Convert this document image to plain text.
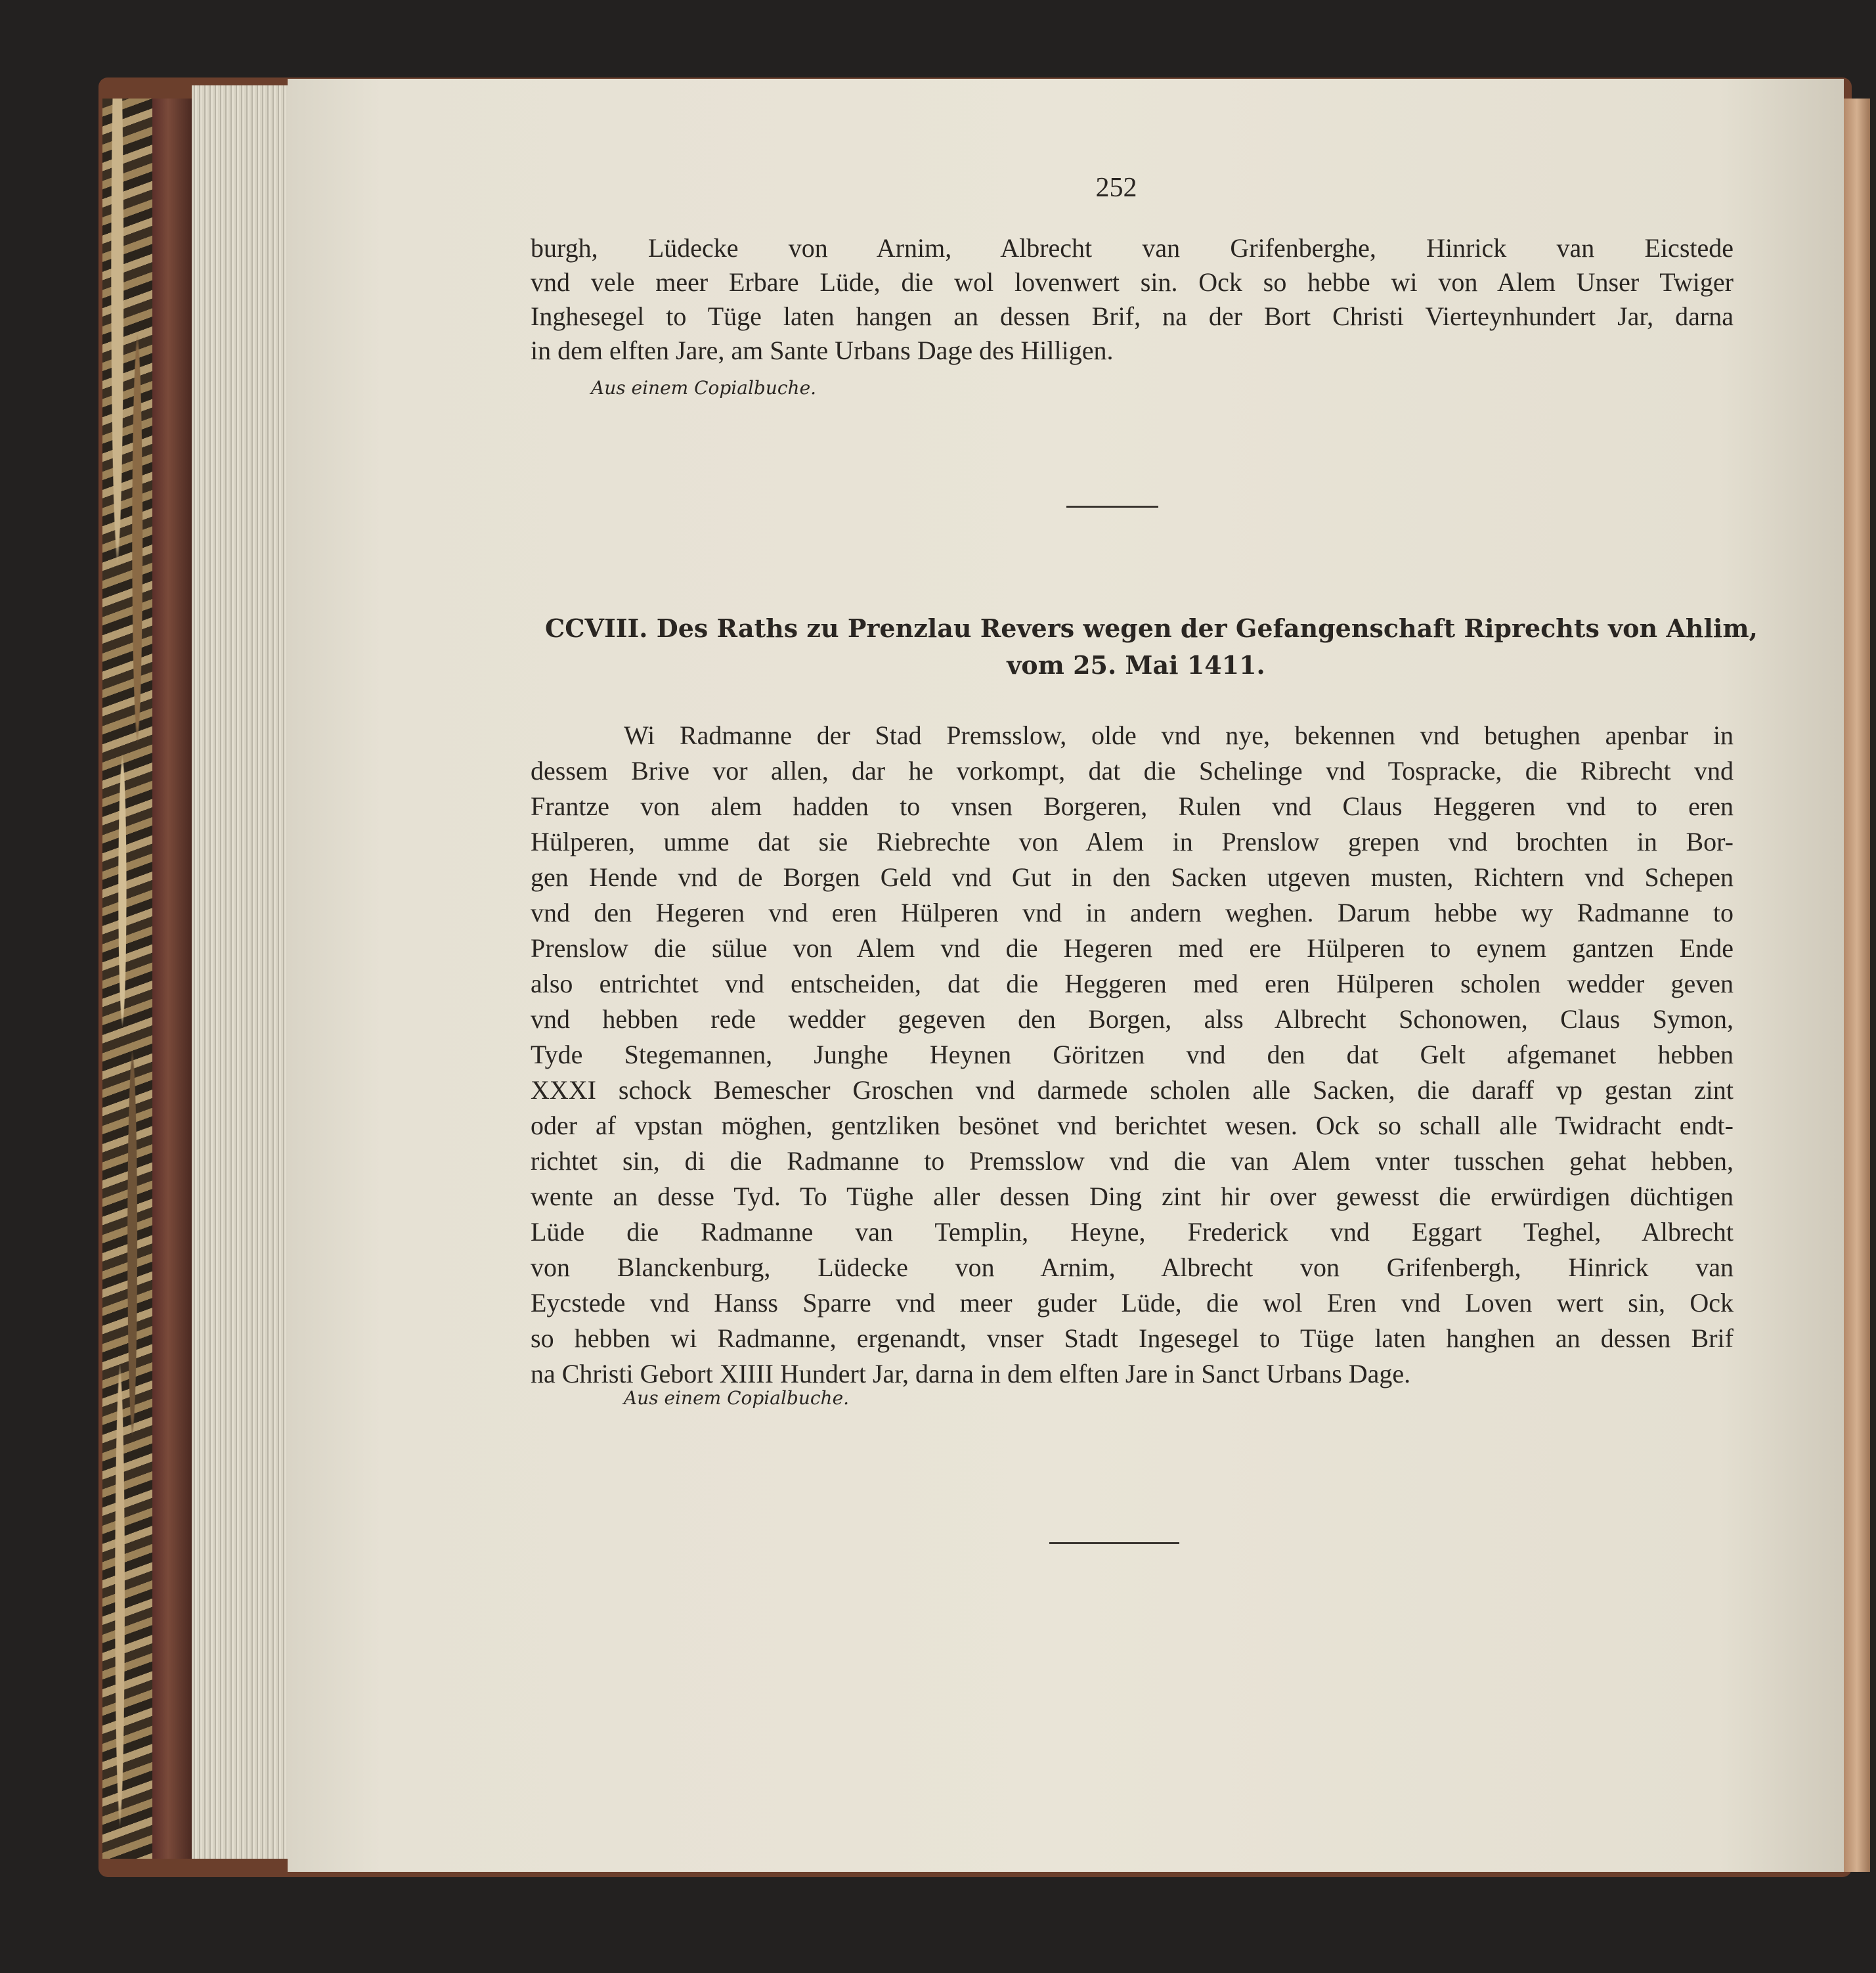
252
burgh, Lüdecke von Arnim, Albrecht van Grifenberghe, Hinrick van Eicstede
vnd vele meer Erbare Lüde, die wol lovenwert sin. Ock so hebbe wi von Alem Unser Twiger
Inghesegel to Tüge laten hangen an dessen Brif, na der Bort Christi Vierteynhundert Jar, darna
in dem elften Jare, am Sante Urbans Dage des Hilligen.
Aus einem Copialbuche.
CCVIII. Des Raths zu Prenzlau Revers wegen der Gefangenschaft Riprechts von Ahlim,
vom 25. Mai 1411.
Wi Radmanne der Stad Premsslow, olde vnd nye, bekennen vnd betughen apenbar in
dessem Brive vor allen, dar he vorkompt, dat die Schelinge vnd Tospracke, die Ribrecht vnd
Frantze von alem hadden to vnsen Borgeren, Rulen vnd Claus Heggeren vnd to eren
Hülperen, umme dat sie Riebrechte von Alem in Prenslow grepen vnd brochten in Bor-
gen Hende vnd de Borgen Geld vnd Gut in den Sacken utgeven musten, Richtern vnd Schepen
vnd den Hegeren vnd eren Hülperen vnd in andern weghen. Darum hebbe wy Radmanne to
Prenslow die sülue von Alem vnd die Hegeren med ere Hülperen to eynem gantzen Ende
also entrichtet vnd entscheiden, dat die Heggeren med eren Hülperen scholen wedder geven
vnd hebben rede wedder gegeven den Borgen, alss Albrecht Schonowen, Claus Symon,
Tyde Stegemannen, Junghe Heynen Göritzen vnd den dat Gelt afgemanet hebben
XXXI schock Bemescher Groschen vnd darmede scholen alle Sacken, die daraff vp gestan zint
oder af vpstan möghen, gentzliken besönet vnd berichtet wesen. Ock so schall alle Twidracht endt-
richtet sin, di die Radmanne to Premsslow vnd die van Alem vnter tusschen gehat hebben,
wente an desse Tyd. To Tüghe aller dessen Ding zint hir over gewesst die erwürdigen düchtigen
Lüde die Radmanne van Templin, Heyne, Frederick vnd Eggart Teghel, Albrecht
von Blanckenburg, Lüdecke von Arnim, Albrecht von Grifenbergh, Hinrick van
Eycstede vnd Hanss Sparre vnd meer guder Lüde, die wol Eren vnd Loven wert sin, Ock
so hebben wi Radmanne, ergenandt, vnser Stadt Ingesegel to Tüge laten hanghen an dessen Brif
na Christi Gebort XIIII Hundert Jar, darna in dem elften Jare in Sanct Urbans Dage.
Aus einem Copialbuche.
